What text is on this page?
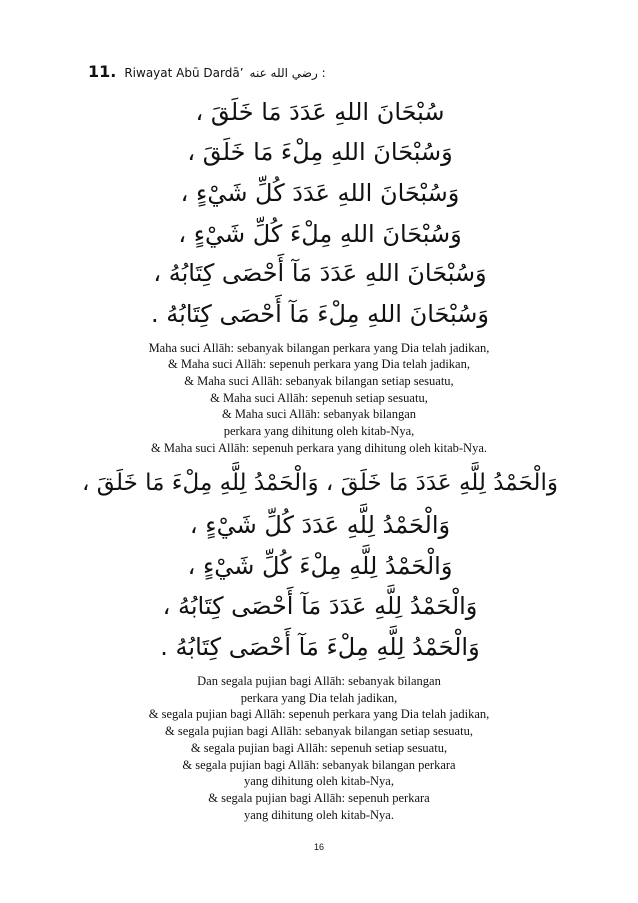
11. Riwayat Abū Dardā’ رضي الله عنه :
سُبْحَانَ اللهِ عَدَدَ مَا خَلَقَ ،
وَسُبْحَانَ اللهِ مِلْءَ مَا خَلَقَ ،
وَسُبْحَانَ اللهِ عَدَدَ كُلِّ شَيْءٍ ،
وَسُبْحَانَ اللهِ مِلْءَ كُلِّ شَيْءٍ ،
وَسُبْحَانَ اللهِ عَدَدَ مَآ أَحْصَى كِتَابُهُ ،
وَسُبْحَانَ اللهِ مِلْءَ مَآ أَحْصَى كِتَابُهُ .
Maha suci Allāh: sebanyak bilangan perkara yang Dia telah jadikan,
& Maha suci Allāh: sepenuh perkara yang Dia telah jadikan,
& Maha suci Allāh: sebanyak bilangan setiap sesuatu,
& Maha suci Allāh: sepenuh setiap sesuatu,
& Maha suci Allāh: sebanyak bilangan
perkara yang dihitung oleh kitab-Nya,
& Maha suci Allāh: sepenuh perkara yang dihitung oleh kitab-Nya.
وَالْحَمْدُ لِلَّهِ عَدَدَ مَا خَلَقَ ، وَالْحَمْدُ لِلَّهِ مِلْءَ مَا خَلَقَ ،
وَالْحَمْدُ لِلَّهِ عَدَدَ كُلِّ شَيْءٍ ،
وَالْحَمْدُ لِلَّهِ مِلْءَ كُلِّ شَيْءٍ ،
وَالْحَمْدُ لِلَّهِ عَدَدَ مَآ أَحْصَى كِتَابُهُ ،
وَالْحَمْدُ لِلَّهِ مِلْءَ مَآ أَحْصَى كِتَابُهُ .
Dan segala pujian bagi Allāh: sebanyak bilangan
perkara yang Dia telah jadikan,
& segala pujian bagi Allāh: sepenuh perkara yang Dia telah jadikan,
& segala pujian bagi Allāh: sebanyak bilangan setiap sesuatu,
& segala pujian bagi Allāh: sepenuh setiap sesuatu,
& segala pujian bagi Allāh: sebanyak bilangan perkara
yang dihitung oleh kitab-Nya,
& segala pujian bagi Allāh: sepenuh perkara
yang dihitung oleh kitab-Nya.
16
